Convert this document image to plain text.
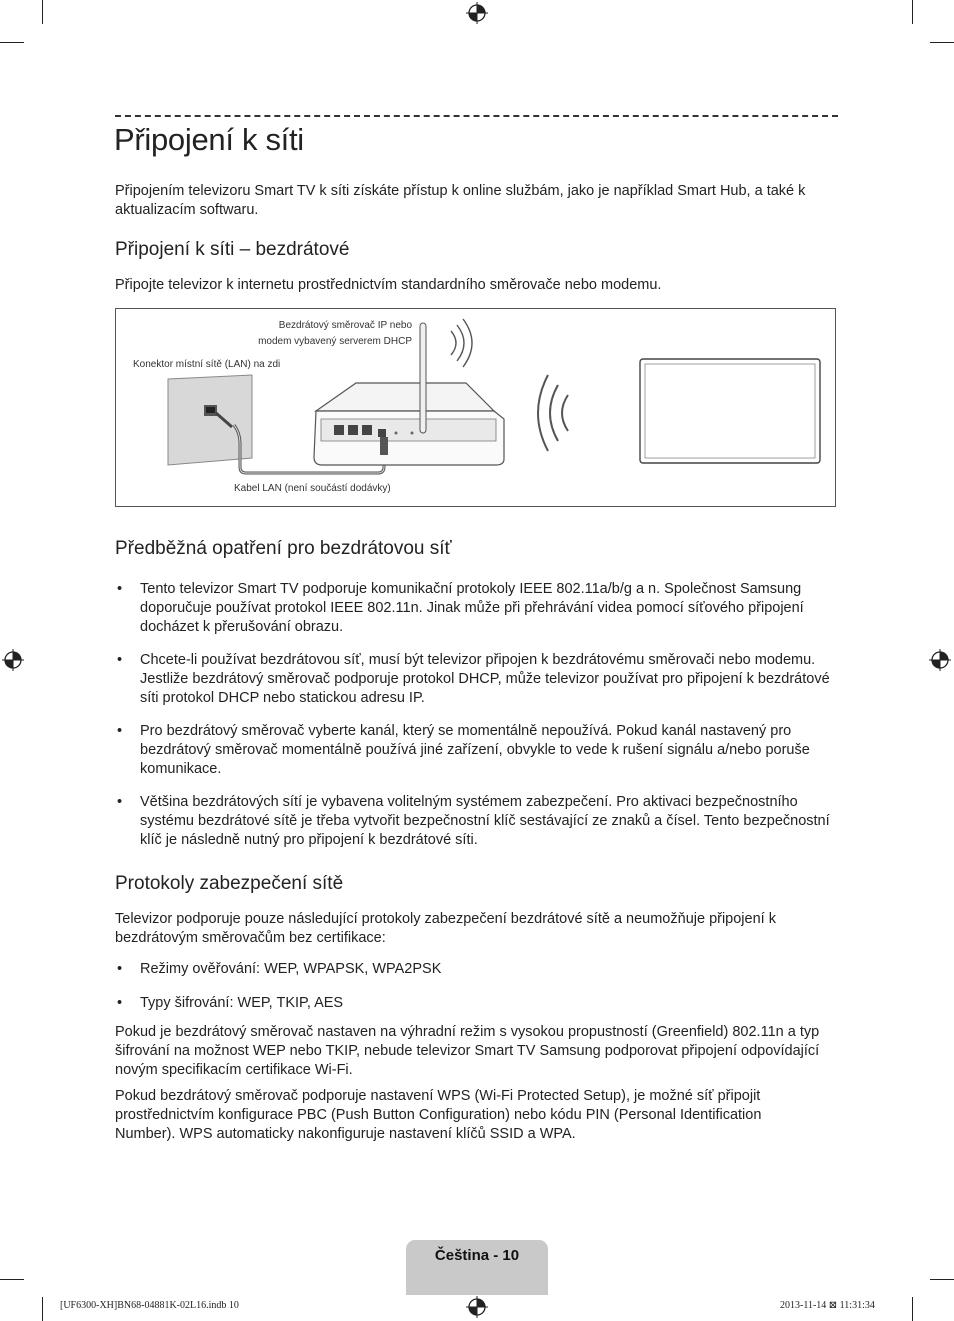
Připojení k síti

Připojením televizoru Smart TV k síti získáte přístup k online službám, jako je například Smart Hub, a také k aktualizacím softwaru.

Připojení k síti – bezdrátové

Připojte televizor k internetu prostřednictvím standardního směrovače nebo modemu.

Bezdrátový směrovač IP nebo
modem vybavený serverem DHCP
Konektor místní sítě (LAN) na zdi
Kabel LAN (není součástí dodávky)
Předběžná opatření pro bezdrátovou síť

• Tento televizor Smart TV podporuje komunikační protokoly IEEE 802.11a/b/g a n. Společnost Samsung doporučuje používat protokol IEEE 802.11n. Jinak může při přehrávání videa pomocí síťového připojení docházet k přerušování obrazu.

• Chcete-li používat bezdrátovou síť, musí být televizor připojen k bezdrátovému směrovači nebo modemu. Jestliže bezdrátový směrovač podporuje protokol DHCP, může televizor používat pro připojení k bezdrátové síti protokol DHCP nebo statickou adresu IP.

• Pro bezdrátový směrovač vyberte kanál, který se momentálně nepoužívá. Pokud kanál nastavený pro bezdrátový směrovač momentálně používá jiné zařízení, obvykle to vede k rušení signálu a/nebo poruše komunikace.

• Většina bezdrátových sítí je vybavena volitelným systémem zabezpečení. Pro aktivaci bezpečnostního systému bezdrátové sítě je třeba vytvořit bezpečnostní klíč sestávající ze znaků a čísel. Tento bezpečnostní klíč je následně nutný pro připojení k bezdrátové síti.

Protokoly zabezpečení sítě

Televizor podporuje pouze následující protokoly zabezpečení bezdrátové sítě a neumožňuje připojení k bezdrátovým směrovačům bez certifikace:

• Režimy ověřování: WEP, WPAPSK, WPA2PSK

• Typy šifrování: WEP, TKIP, AES

Pokud je bezdrátový směrovač nastaven na výhradní režim s vysokou propustností (Greenfield) 802.11n a typ šifrování na možnost WEP nebo TKIP, nebude televizor Smart TV Samsung podporovat připojení odpovídající novým specifikacím certifikace Wi-Fi.

Pokud bezdrátový směrovač podporuje nastavení WPS (Wi-Fi Protected Setup), je možné síť připojit prostřednictvím konfigurace PBC (Push Button Configuration) nebo kódu PIN (Personal Identification Number). WPS automaticky nakonfiguruje nastavení klíčů SSID a WPA.

Čeština - 10
[UF6300-XH]BN68-04881K-02L16.indb 10	2013-11-14 ⊠ 11:31:34
